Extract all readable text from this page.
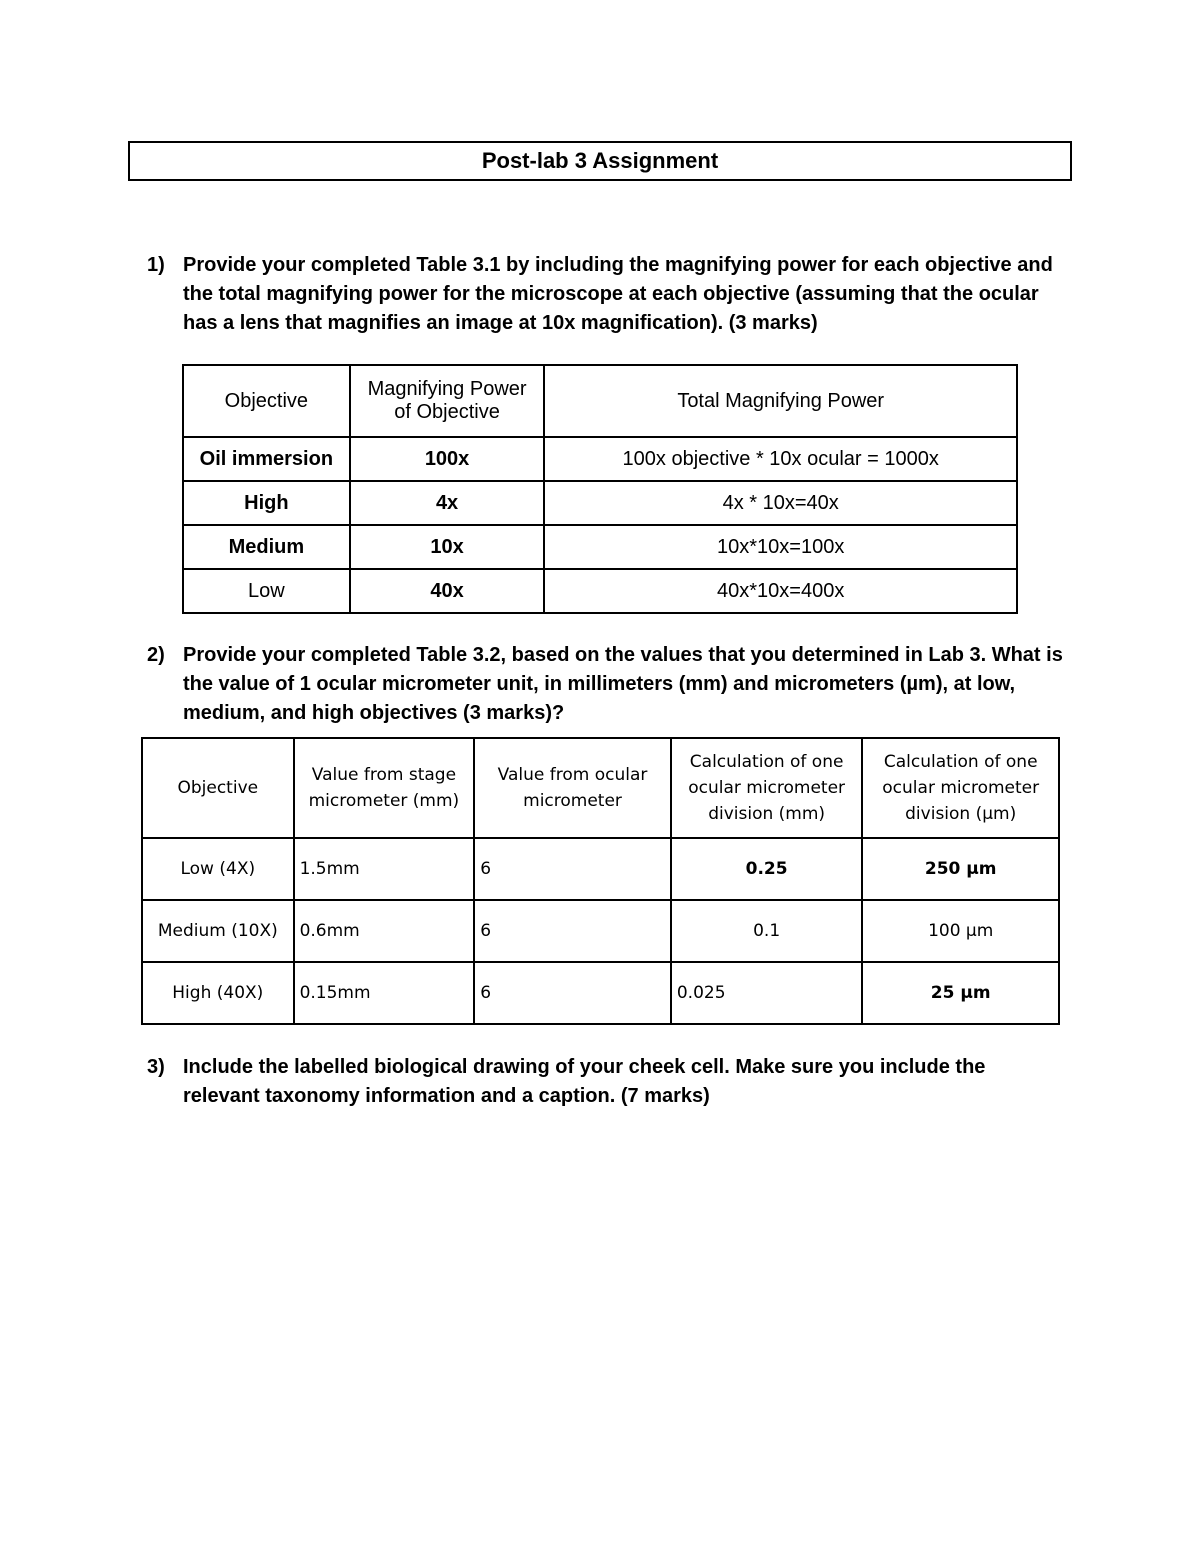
Post-lab 3 Assignment
1) Provide your completed Table 3.1 by including the magnifying power for each objective and the total magnifying power for the microscope at each objective (assuming that the ocular has a lens that magnifies an image at 10x magnification). (3 marks)
Objective	Magnifying Power of Objective	Total Magnifying Power
Oil immersion	100x	100x objective * 10x ocular = 1000x
High	4x	4x * 10x=40x
Medium	10x	10x*10x=100x
Low	40x	40x*10x=400x
2) Provide your completed Table 3.2, based on the values that you determined in Lab 3. What is the value of 1 ocular micrometer unit, in millimeters (mm) and micrometers (µm), at low, medium, and high objectives (3 marks)?
Objective	Value from stage micrometer (mm)	Value from ocular micrometer	Calculation of one ocular micrometer division (mm)	Calculation of one ocular micrometer division (µm)
Low (4X)	1.5mm	6	0.25	250 µm
Medium (10X)	0.6mm	6	0.1	100 µm
High (40X)	0.15mm	6	0.025	25 µm
3) Include the labelled biological drawing of your cheek cell. Make sure you include the relevant taxonomy information and a caption. (7 marks)
